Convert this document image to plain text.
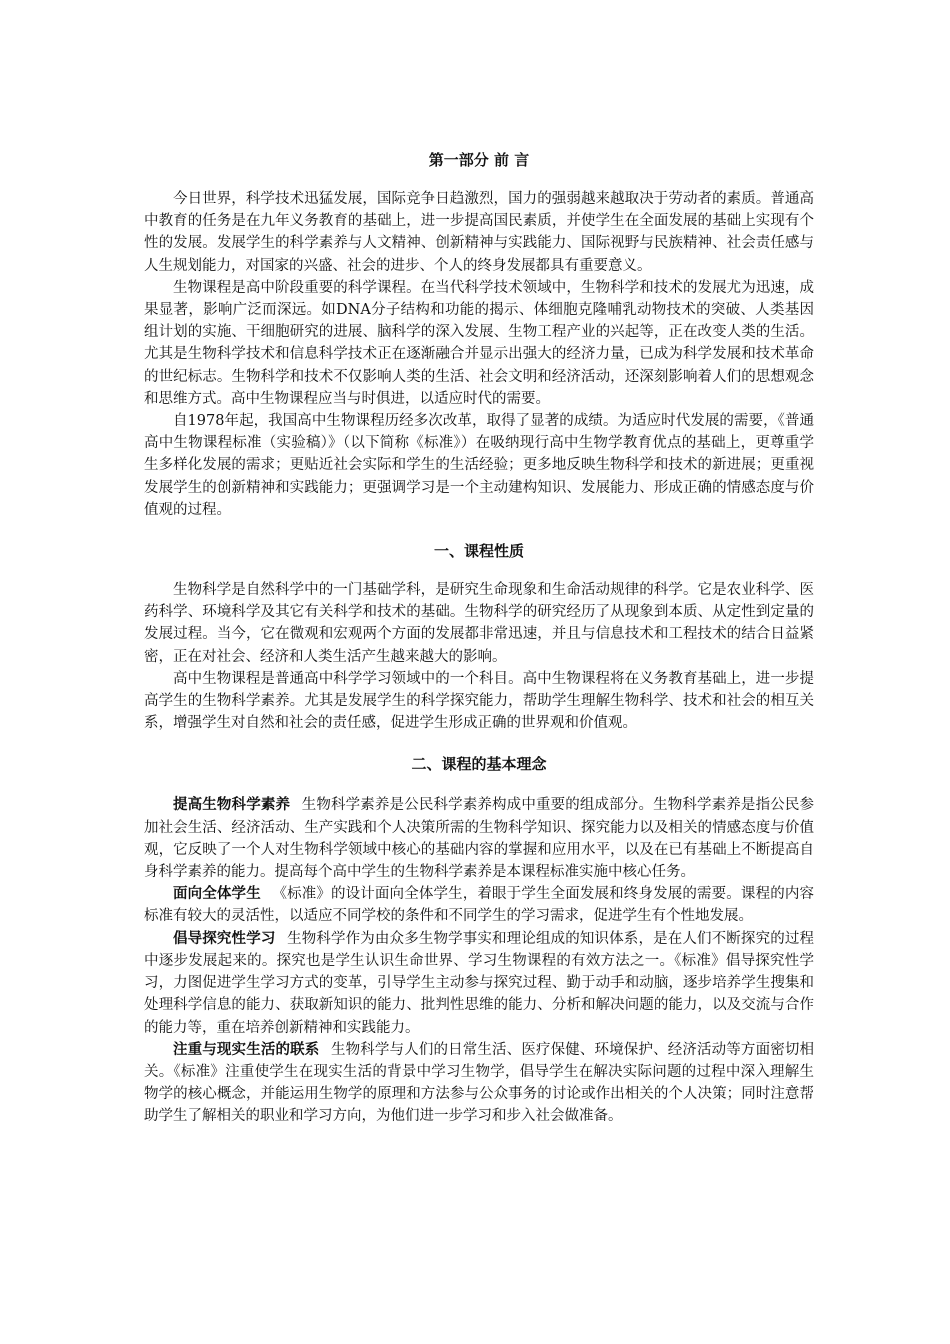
第一部分 前 言

今日世界，科学技术迅猛发展，国际竞争日趋激烈，国力的强弱越来越取决于劳动者的素质。普通高中教育的任务是在九年义务教育的基础上，进一步提高国民素质，并使学生在全面发展的基础上实现有个性的发展。发展学生的科学素养与人文精神、创新精神与实践能力、国际视野与民族精神、社会责任感与人生规划能力，对国家的兴盛、社会的进步、个人的终身发展都具有重要意义。

生物课程是高中阶段重要的科学课程。在当代科学技术领域中，生物科学和技术的发展尤为迅速，成果显著，影响广泛而深远。如DNA分子结构和功能的揭示、体细胞克隆哺乳动物技术的突破、人类基因组计划的实施、干细胞研究的进展、脑科学的深入发展、生物工程产业的兴起等，正在改变人类的生活。尤其是生物科学技术和信息科学技术正在逐渐融合并显示出强大的经济力量，已成为科学发展和技术革命的世纪标志。生物科学和技术不仅影响人类的生活、社会文明和经济活动，还深刻影响着人们的思想观念和思维方式。高中生物课程应当与时俱进，以适应时代的需要。

自1978年起，我国高中生物课程历经多次改革，取得了显著的成绩。为适应时代发展的需要，《普通高中生物课程标准（实验稿）》（以下简称《标准》）在吸纳现行高中生物学教育优点的基础上，更尊重学生多样化发展的需求；更贴近社会实际和学生的生活经验；更多地反映生物科学和技术的新进展；更重视发展学生的创新精神和实践能力；更强调学习是一个主动建构知识、发展能力、形成正确的情感态度与价值观的过程。

一、课程性质

生物科学是自然科学中的一门基础学科，是研究生命现象和生命活动规律的科学。它是农业科学、医药科学、环境科学及其它有关科学和技术的基础。生物科学的研究经历了从现象到本质、从定性到定量的发展过程。当今，它在微观和宏观两个方面的发展都非常迅速，并且与信息技术和工程技术的结合日益紧密，正在对社会、经济和人类生活产生越来越大的影响。

高中生物课程是普通高中科学学习领域中的一个科目。高中生物课程将在义务教育基础上，进一步提高学生的生物科学素养。尤其是发展学生的科学探究能力，帮助学生理解生物科学、技术和社会的相互关系，增强学生对自然和社会的责任感，促进学生形成正确的世界观和价值观。

二、课程的基本理念

提高生物科学素养 生物科学素养是公民科学素养构成中重要的组成部分。生物科学素养是指公民参加社会生活、经济活动、生产实践和个人决策所需的生物科学知识、探究能力以及相关的情感态度与价值观，它反映了一个人对生物科学领域中核心的基础内容的掌握和应用水平，以及在已有基础上不断提高自身科学素养的能力。提高每个高中学生的生物科学素养是本课程标准实施中核心任务。

面向全体学生 《标准》的设计面向全体学生，着眼于学生全面发展和终身发展的需要。课程的内容标准有较大的灵活性，以适应不同学校的条件和不同学生的学习需求，促进学生有个性地发展。

倡导探究性学习 生物科学作为由众多生物学事实和理论组成的知识体系，是在人们不断探究的过程中逐步发展起来的。探究也是学生认识生命世界、学习生物课程的有效方法之一。《标准》倡导探究性学习，力图促进学生学习方式的变革，引导学生主动参与探究过程、勤于动手和动脑，逐步培养学生搜集和处理科学信息的能力、获取新知识的能力、批判性思维的能力、分析和解决问题的能力，以及交流与合作的能力等，重在培养创新精神和实践能力。

注重与现实生活的联系 生物科学与人们的日常生活、医疗保健、环境保护、经济活动等方面密切相关。《标准》注重使学生在现实生活的背景中学习生物学，倡导学生在解决实际问题的过程中深入理解生物学的核心概念，并能运用生物学的原理和方法参与公众事务的讨论或作出相关的个人决策；同时注意帮助学生了解相关的职业和学习方向，为他们进一步学习和步入社会做准备。
